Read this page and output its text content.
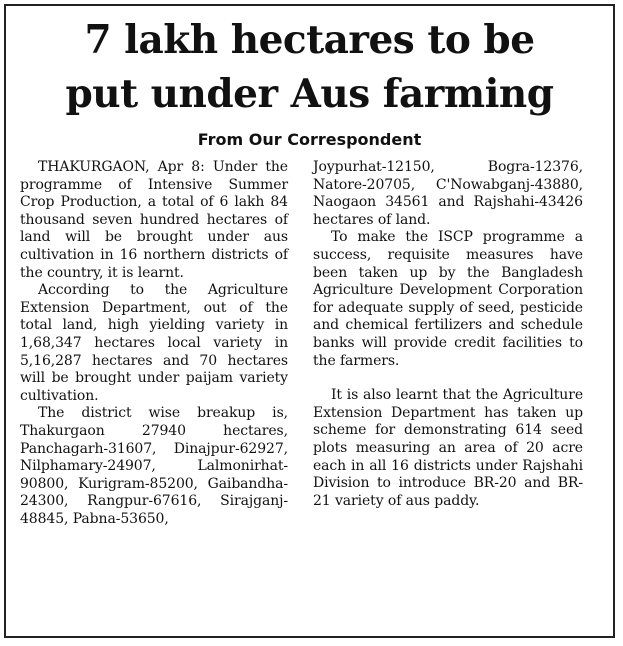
7 lakh hectares to be
put under Aus farming
From Our Correspondent

THAKURGAON, Apr 8: Under the programme of Intensive Summer Crop Production, a total of 6 lakh 84 thousand seven hundred hectares of land will be brought under aus cultivation in 16 northern districts of the country, it is learnt.

According to the Agriculture Extension Department, out of the total land, high yielding variety in 1,68,347 hectares local variety in 5,16,287 hectares and 70 hectares will be brought under paijam variety cultivation.

The district wise breakup is, Thakurgaon 27940 hectares, Panchagarh-31607, Dinajpur-62927, Nilphamary-24907, Lalmonirhat-90800, Kurigram-85200, Gaibandha-24300, Rangpur-67616, Sirajganj-48845, Pabna-53650,

Joypurhat-12150, Bogra-12376, Natore-20705, C'Nowabganj-43880, Naogaon 34561 and Rajshahi-43426 hectares of land.

To make the ISCP programme a success, requisite measures have been taken up by the Bangladesh Agriculture Development Corporation for adequate supply of seed, pesticide and chemical fertilizers and schedule banks will provide credit facilities to the farmers.

It is also learnt that the Agriculture Extension Department has taken up scheme for demonstrating 614 seed plots measuring an area of 20 acre each in all 16 districts under Rajshahi Division to introduce BR-20 and BR-21 variety of aus paddy.
